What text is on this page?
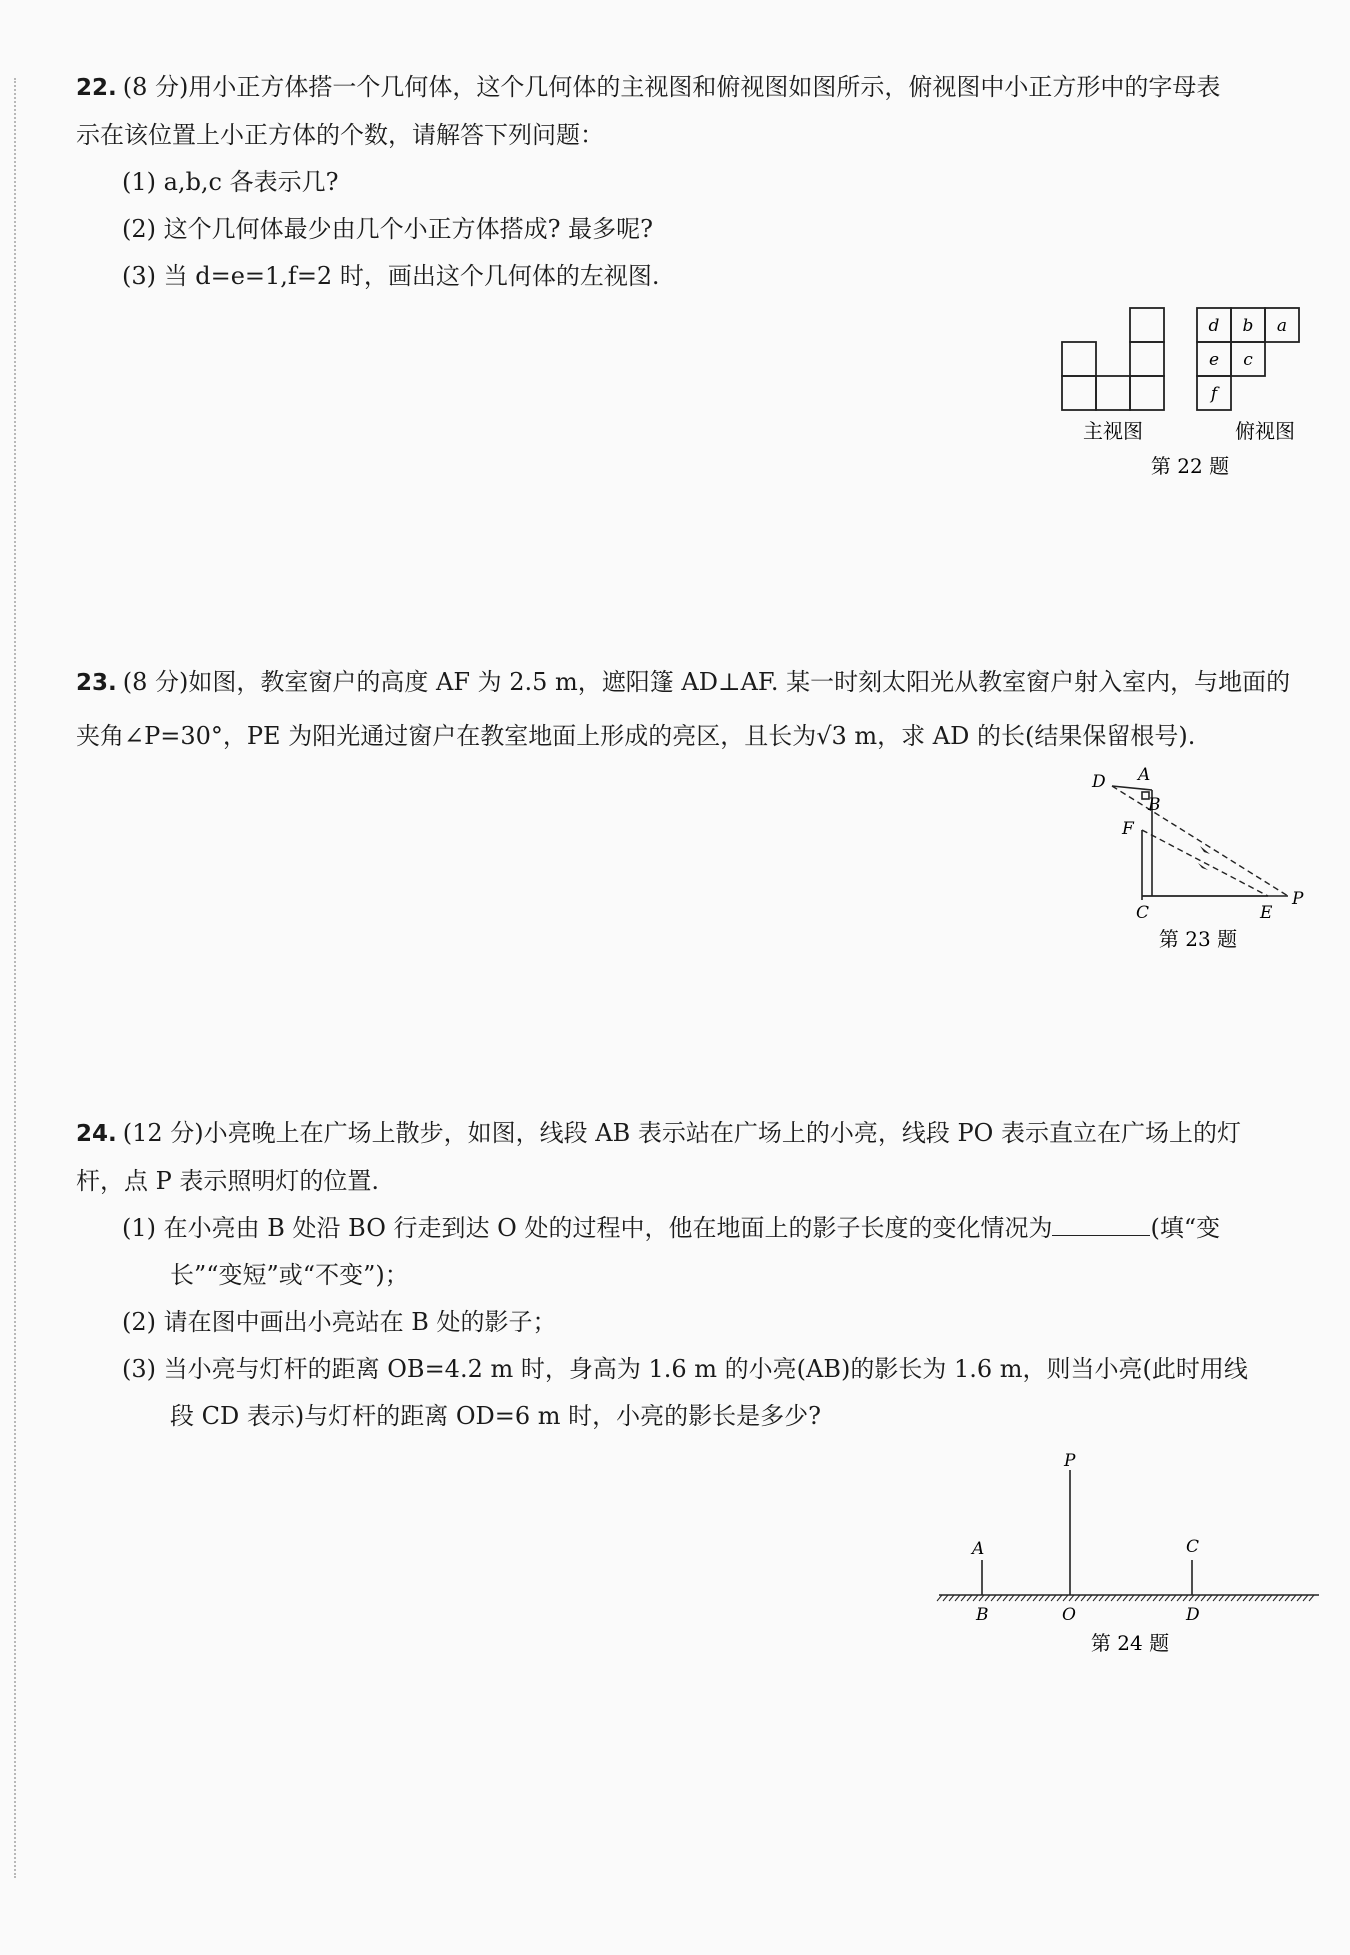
22. (8 分)用小正方体搭一个几何体，这个几何体的主视图和俯视图如图所示，俯视图中小正方形中的字母表

示在该位置上小正方体的个数，请解答下列问题：

(1) a,b,c 各表示几?

(2) 这个几何体最少由几个小正方体搭成? 最多呢?

(3) 当 d=e=1,f=2 时，画出这个几何体的左视图.

d b a
e c
f
主视图	俯视图
第 22 题

23. (8 分)如图，教室窗户的高度 AF 为 2.5 m，遮阳篷 AD⊥AF. 某一时刻太阳光从教室窗户射入室内，与地面的

夹角∠P=30°，PE 为阳光通过窗户在教室地面上形成的亮区，且长为√3 m，求 AD 的长(结果保留根号).

D A
B
F
C	E
P
第 23 题

24. (12 分)小亮晚上在广场上散步，如图，线段 AB 表示站在广场上的小亮，线段 PO 表示直立在广场上的灯

杆，点 P 表示照明灯的位置.

(1) 在小亮由 B 处沿 BO 行走到达 O 处的过程中，他在地面上的影子长度的变化情况为	(填“变

长”“变短”或“不变”)；

(2) 请在图中画出小亮站在 B 处的影子；

(3) 当小亮与灯杆的距离 OB=4.2 m 时，身高为 1.6 m 的小亮(AB)的影长为 1.6 m，则当小亮(此时用线

段 CD 表示)与灯杆的距离 OD=6 m 时，小亮的影长是多少?

P
A	C
B	O	D
第 24 题
